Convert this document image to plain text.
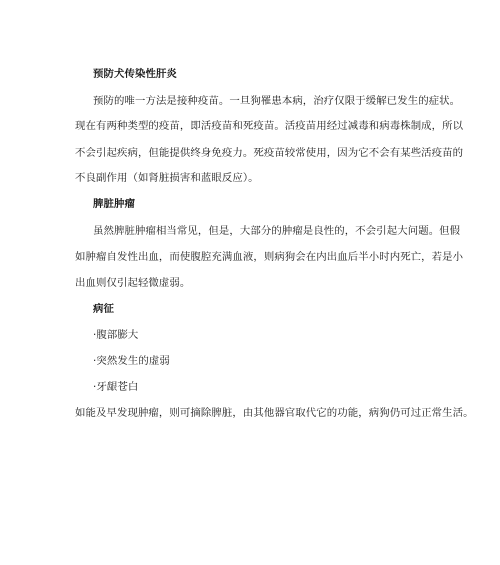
预防犬传染性肝炎
预防的唯一方法是接种疫苗。一旦狗罹患本病，治疗仅限于缓解已发生的症状。
现在有两种类型的疫苗，即活疫苗和死疫苗。活疫苗用经过减毒和病毒株制成，所以
不会引起疾病，但能提供终身免疫力。死疫苗较常使用，因为它不会有某些活疫苗的
不良副作用（如肾脏损害和蓝眼反应）。
脾脏肿瘤
虽然脾脏肿瘤相当常见，但是，大部分的肿瘤是良性的，不会引起大问题。但假
如肿瘤自发性出血，而使腹腔充满血液，则病狗会在内出血后半小时内死亡，若是小
出血则仅引起轻微虚弱。
病征
·腹部膨大
·突然发生的虚弱
·牙龈苍白
如能及早发现肿瘤，则可摘除脾脏，由其他器官取代它的功能，病狗仍可过正常生活。
